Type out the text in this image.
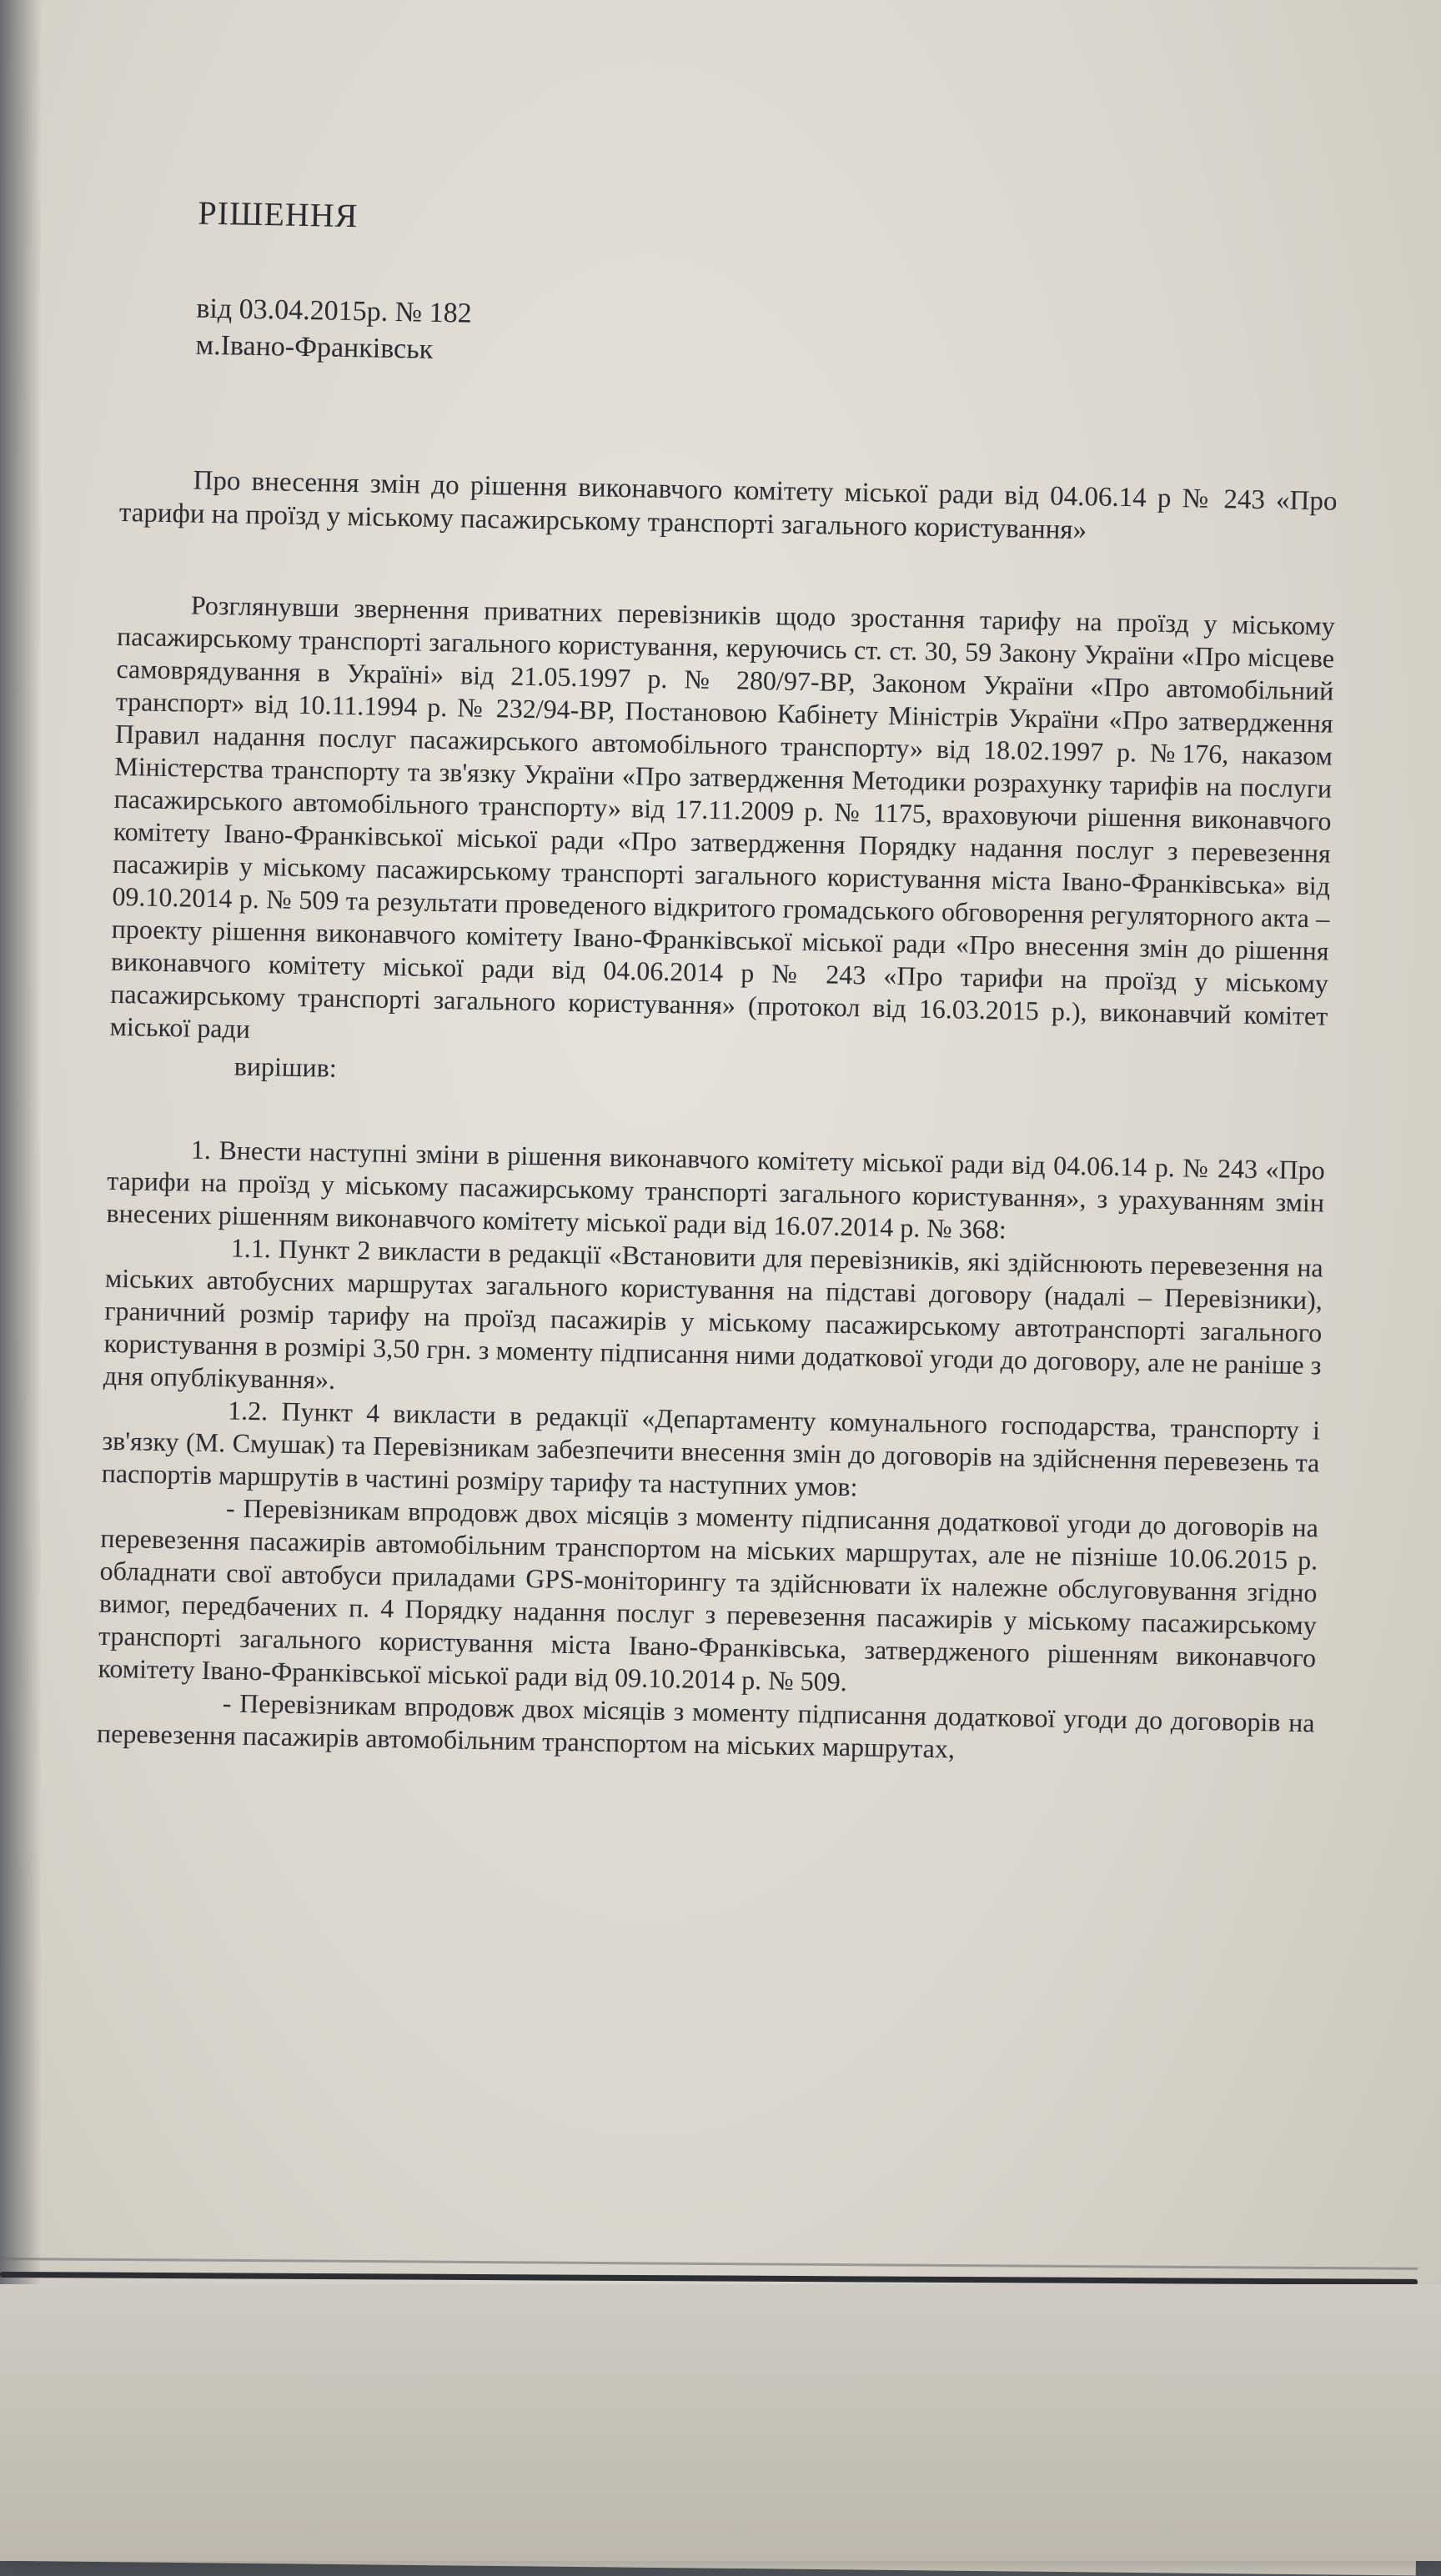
РІШЕННЯ
від 03.04.2015р. № 182
м.Івано-Франківськ

Про внесення змін до рішення виконавчого комітету міської ради від 04.06.14 р № 243 «Про тарифи на проїзд у міському пасажирському транспорті загального користування»

Розглянувши звернення приватних перевізників щодо зростання тарифу на проїзд у міському пасажирському транспорті загального користування, керуючись ст. ст. 30, 59 Закону України «Про місцеве самоврядування в Україні» від 21.05.1997 р. № 280/97-ВР, Законом України «Про автомобільний транспорт» від 10.11.1994 р. № 232/94-ВР, Постановою Кабінету Міністрів України «Про затвердження Правил надання послуг пасажирського автомобільного транспорту» від 18.02.1997 р. №176, наказом Міністерства транспорту та зв'язку України «Про затвердження Методики розрахунку тарифів на послуги пасажирського автомобільного транспорту» від 17.11.2009 р. № 1175, враховуючи рішення виконавчого комітету Івано-Франківської міської ради «Про затвердження Порядку надання послуг з перевезення пасажирів у міському пасажирському транспорті загального користування міста Івано-Франківська» від 09.10.2014 р. № 509 та результати проведеного відкритого громадського обговорення регуляторного акта – проекту рішення виконавчого комітету Івано-Франківської міської ради «Про внесення змін до рішення виконавчого комітету міської ради від 04.06.2014 р № 243 «Про тарифи на проїзд у міському пасажирському транспорті загального користування» (протокол від 16.03.2015 р.), виконавчий комітет міської ради

вирішив:

1. Внести наступні зміни в рішення виконавчого комітету міської ради від 04.06.14 р. № 243 «Про тарифи на проїзд у міському пасажирському транспорті загального користування», з урахуванням змін внесених рішенням виконавчого комітету міської ради від 16.07.2014 р. № 368:

1.1. Пункт 2 викласти в редакції «Встановити для перевізників, які здійснюють перевезення на міських автобусних маршрутах загального користування на підставі договору (надалі – Перевізники), граничний розмір тарифу на проїзд пасажирів у міському пасажирському автотранспорті загального користування в розмірі 3,50 грн. з моменту підписання ними додаткової угоди до договору, але не раніше з дня опублікування».

1.2. Пункт 4 викласти в редакції «Департаменту комунального господарства, транспорту і зв'язку (М. Смушак) та Перевізникам забезпечити внесення змін до договорів на здійснення перевезень та паспортів маршрутів в частині розміру тарифу та наступних умов:

- Перевізникам впродовж двох місяців з моменту підписання додаткової угоди до договорів на перевезення пасажирів автомобільним транспортом на міських маршрутах, але не пізніше 10.06.2015 р. обладнати свої автобуси приладами GPS-моніторингу та здійснювати їх належне обслуговування згідно вимог, передбачених п. 4 Порядку надання послуг з перевезення пасажирів у міському пасажирському транспорті загального користування міста Івано-Франківська, затвердженого рішенням виконавчого комітету Івано-Франківської міської ради від 09.10.2014 р. № 509.

- Перевізникам впродовж двох місяців з моменту підписання додаткової угоди до договорів на перевезення пасажирів автомобільним транспортом на міських маршрутах,
